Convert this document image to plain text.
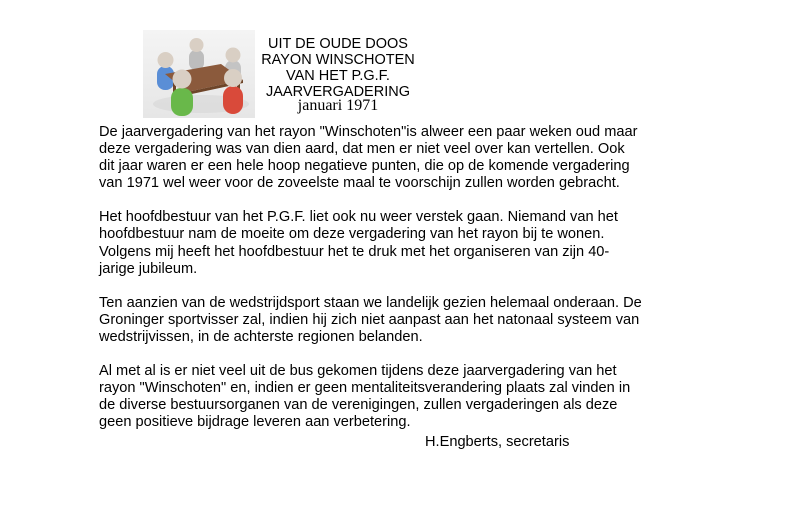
UIT DE OUDE DOOS
RAYON WINSCHOTEN
VAN HET P.G.F.
JAARVERGADERING
januari 1971

De jaarvergadering van het rayon "Winschoten"is alweer een paar weken oud maar
deze vergadering was van dien aard, dat men er niet veel over kan vertellen. Ook
dit jaar waren er een hele hoop negatieve punten, die op de komende vergadering
van 1971 wel weer voor de zoveelste maal te voorschijn zullen worden gebracht.

Het hoofdbestuur van het P.G.F. liet ook nu weer verstek gaan. Niemand van het
hoofdbestuur nam de moeite om deze vergadering van het rayon bij te wonen.
Volgens mij heeft het hoofdbestuur het te druk met het organiseren van zijn 40-
jarige jubileum.

Ten aanzien van de wedstrijdsport staan we landelijk gezien helemaal onderaan. De
Groninger sportvisser zal, indien hij zich niet aanpast aan het natonaal systeem van
wedstrijvissen, in de achterste regionen belanden.

Al met al is er niet veel uit de bus gekomen tijdens deze jaarvergadering van het
rayon "Winschoten" en, indien er geen mentaliteitsverandering plaats zal vinden in
de diverse bestuursorganen van de verenigingen, zullen vergaderingen als deze
geen positieve bijdrage leveren aan verbetering.

H.Engberts, secretaris
